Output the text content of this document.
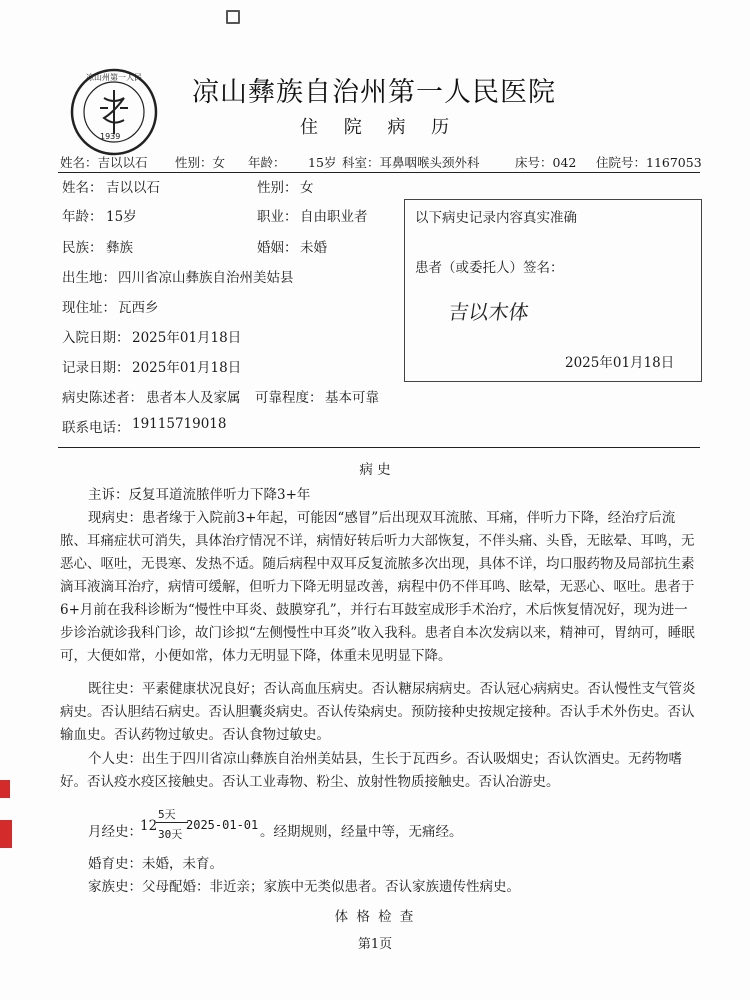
凉山州第一人民
1939
凉山彝族自治州第一人民医院
住 院 病 历
姓名：吉以以石 性别：女 年龄： 15岁 科室：耳鼻咽喉头颈外科	床号：042 住院号：1167053
姓名： 吉以以石	性别： 女
年龄： 15岁	职业： 自由职业者
民族： 彝族	婚姻： 未婚
出生地： 四川省凉山彝族自治州美姑县
现住址： 瓦西乡
入院日期： 2025年01月18日
记录日期： 2025年01月18日
病史陈述者： 患者本人及家属 可靠程度： 基本可靠
联系电话： 19115719018
以下病史记录内容真实准确
患者（或委托人）签名：
吉以木体
2025年01月18日
病 史
主诉：反复耳道流脓伴听力下降3+年
现病史：患者缘于入院前3+年起，可能因“感冒”后出现双耳流脓、耳痛，伴听力下降，经治疗后流脓、耳痛症状可消失，具体治疗情况不详，病情好转后听力大部恢复，不伴头痛、头昏，无眩晕、耳鸣，无恶心、呕吐，无畏寒、发热不适。随后病程中双耳反复流脓多次出现，具体不详，均口服药物及局部抗生素滴耳液滴耳治疗，病情可缓解，但听力下降无明显改善，病程中仍不伴耳鸣、眩晕，无恶心、呕吐。患者于6+月前在我科诊断为“慢性中耳炎、鼓膜穿孔”，并行右耳鼓室成形手术治疗，术后恢复情况好，现为进一步诊治就诊我科门诊，故门诊拟“左侧慢性中耳炎”收入我科。患者自本次发病以来，精神可，胃纳可，睡眠可，大便如常，小便如常，体力无明显下降，体重未见明显下降。
既往史：平素健康状况良好；否认高血压病史。否认糖尿病病史。否认冠心病病史。否认慢性支气管炎病史。否认胆结石病史。否认胆囊炎病史。否认传染病史。预防接种史按规定接种。否认手术外伤史。否认输血史。否认药物过敏史。否认食物过敏史。
个人史：出生于四川省凉山彝族自治州美姑县，生长于瓦西乡。否认吸烟史；否认饮酒史。无药物嗜好。否认疫水疫区接触史。否认工业毒物、粉尘、放射性物质接触史。否认冶游史。
月经史：
12
5天
30天
2025-01-01 。经期规则，经量中等，无痛经。
婚育史：未婚，未育。
家族史：父母配婚：非近亲；家族中无类似患者。否认家族遗传性病史。
体 格 检 查
第1页
